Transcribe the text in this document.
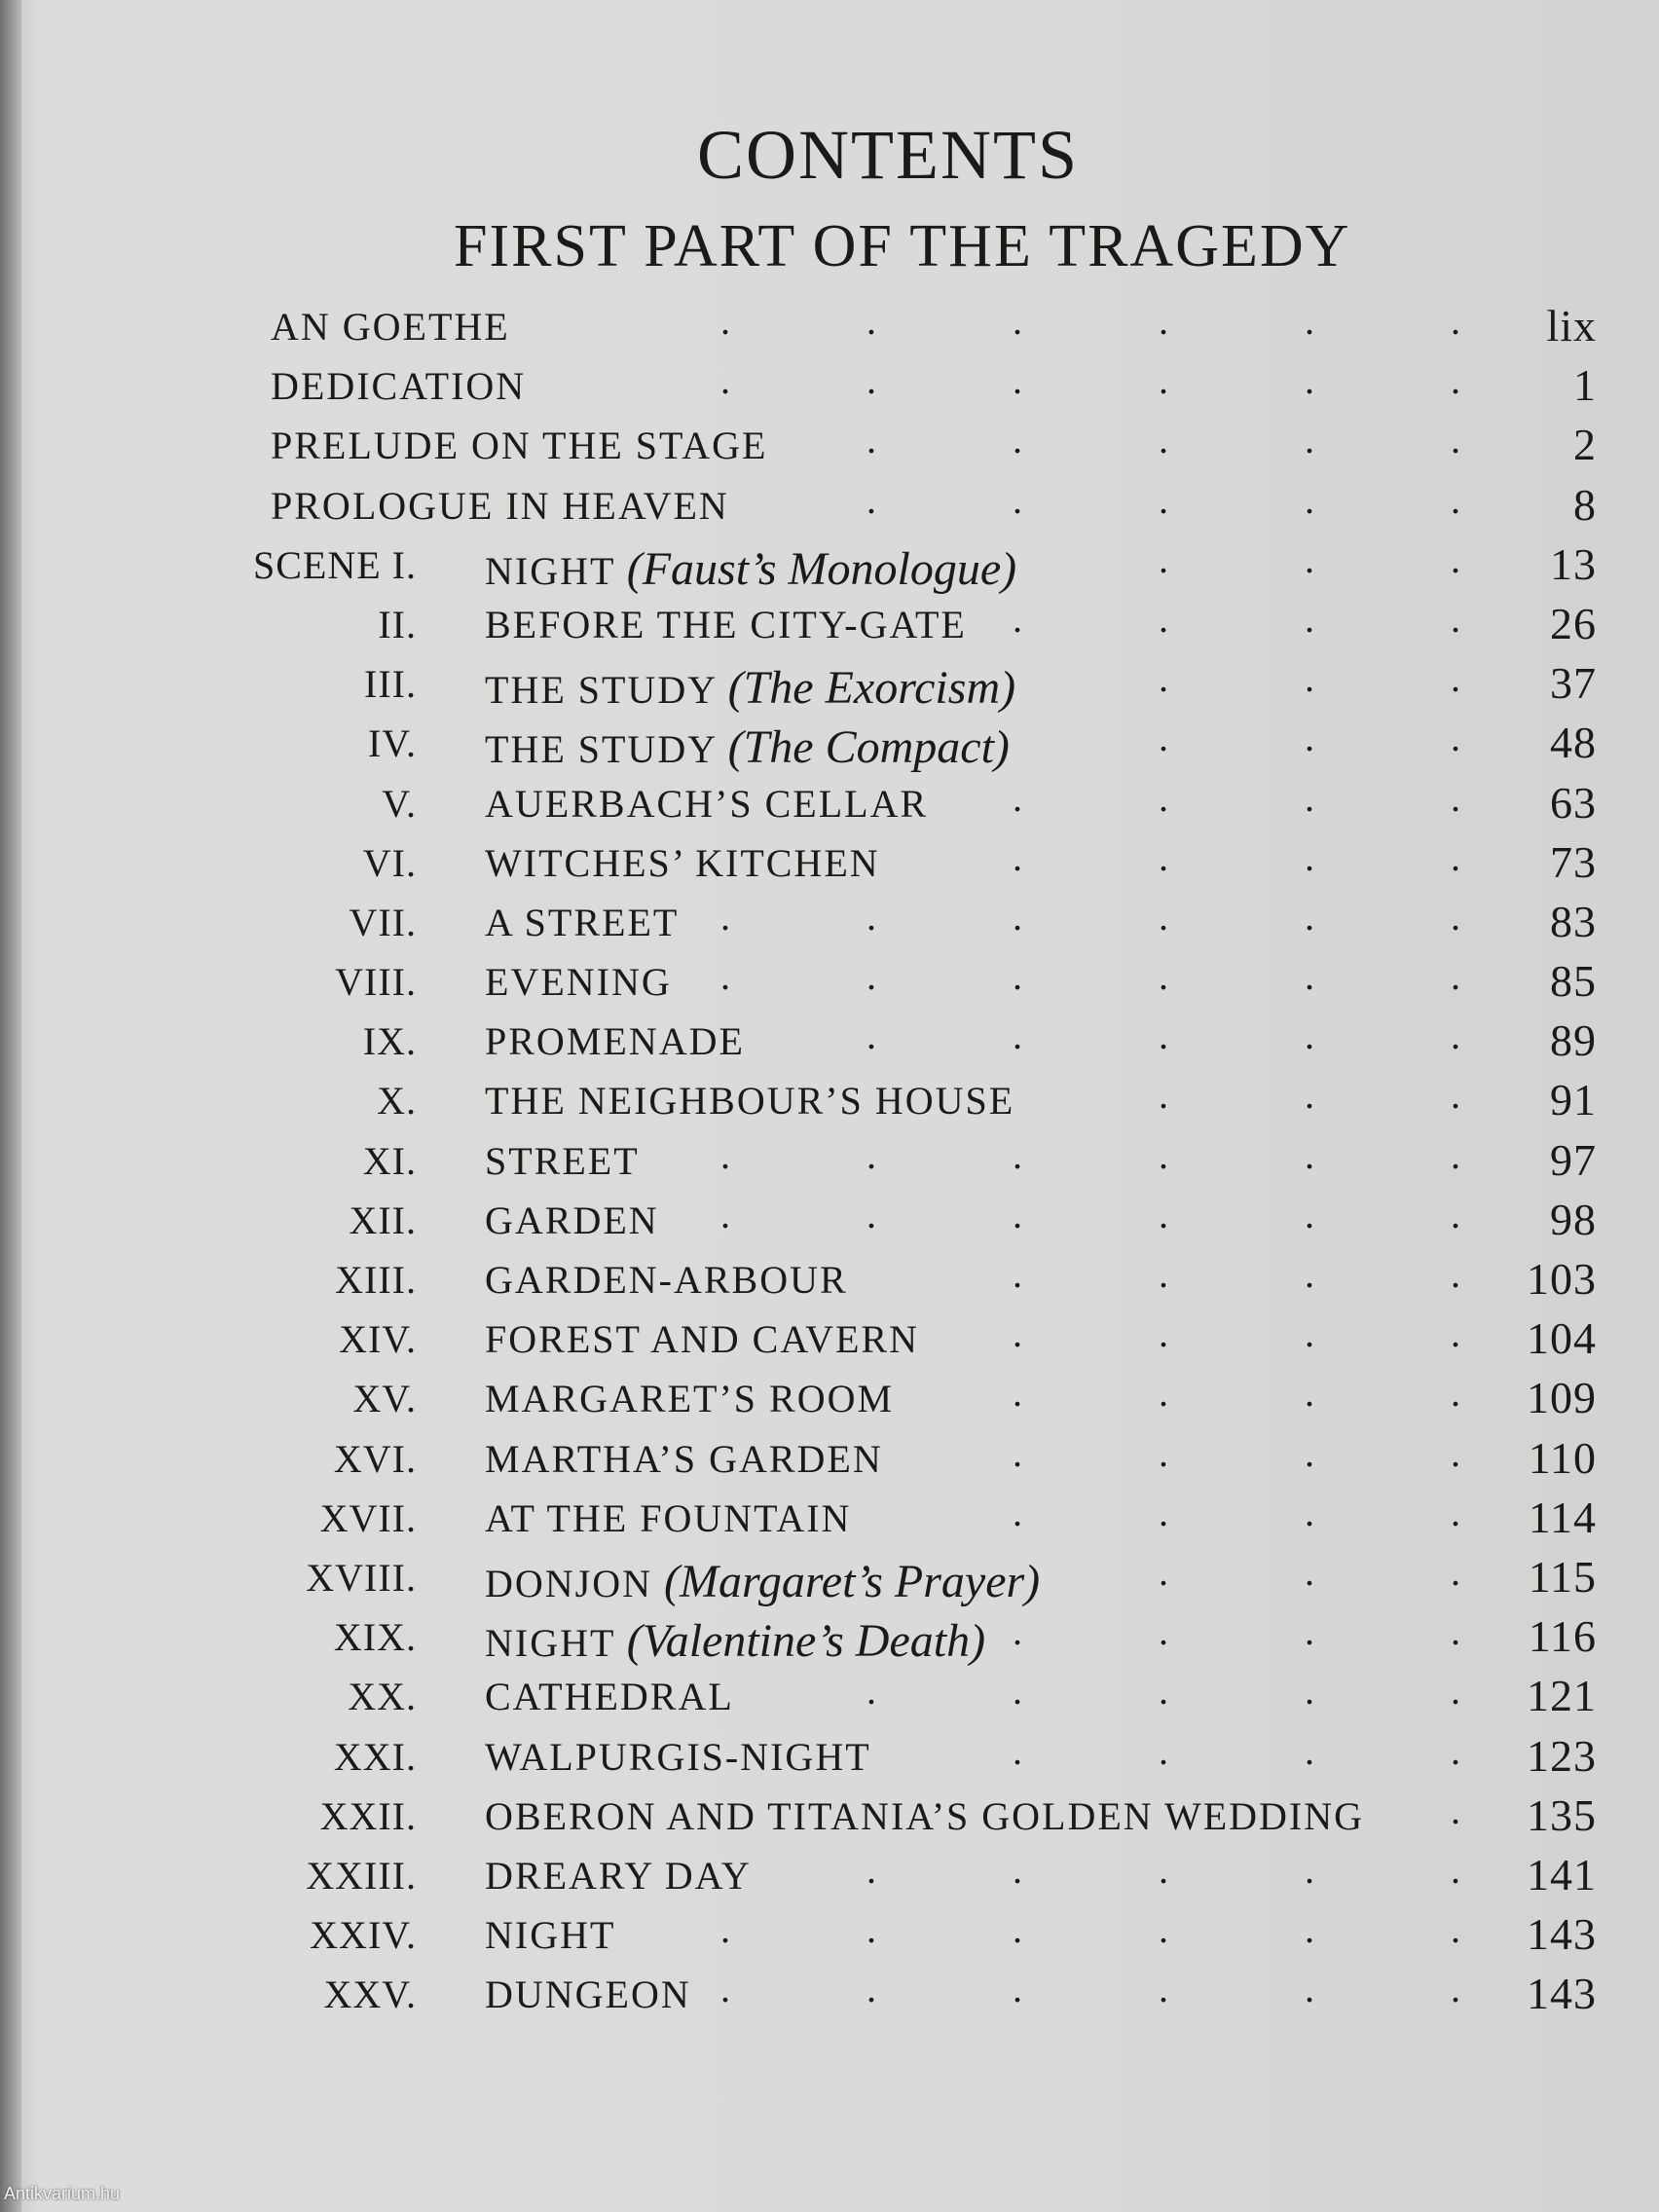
CONTENTS
FIRST PART OF THE TRAGEDY
AN GOETHE	lix
.	.	.	.	.	.
DEDICATION	1
.	.	.	.	.	.
PRELUDE ON THE STAGE	2
.	.	.	.	.
PROLOGUE IN HEAVEN	8
.	.	.	.	.
SCENE I. NIGHT (Faust’s Monologue)	13
.	.	.
II. BEFORE THE CITY-GATE	26
.	.	.	.
III. THE STUDY (The Exorcism)	37
.	.	.
IV. THE STUDY (The Compact)	48
.	.	.
V. AUERBACH’S CELLAR	63
.	.	.	.
VI. WITCHES’ KITCHEN	73
.	.	.	.
VII. A STREET	83
.	.	.	.	.	.
VIII. EVENING	85
.	.	.	.	.	.
IX. PROMENADE	89
.	.	.	.	.
X. THE NEIGHBOUR’S HOUSE	91
.	.	.
XI. STREET	97
.	.	.	.	.	.
XII. GARDEN	98
.	.	.	.	.	.
XIII. GARDEN-ARBOUR	103
.	.	.	.
XIV. FOREST AND CAVERN	104
.	.	.	.
XV. MARGARET’S ROOM	109
.	.	.	.
XVI. MARTHA’S GARDEN	110
.	.	.	.
XVII. AT THE FOUNTAIN	114
.	.	.	.
XVIII. DONJON (Margaret’s Prayer)	115
.	.	.
XIX. NIGHT (Valentine’s Death)	116
.	.	.	.
XX. CATHEDRAL	121
.	.	.	.	.
XXI. WALPURGIS-NIGHT	123
.	.	.	.
XXII. OBERON AND TITANIA’S GOLDEN WEDDING	135
.
XXIII. DREARY DAY	141
.	.	.	.	.
XXIV. NIGHT	143
.	.	.	.	.	.
XXV. DUNGEON	143
.	.	.	.	.	.
Antikvarium.hu
